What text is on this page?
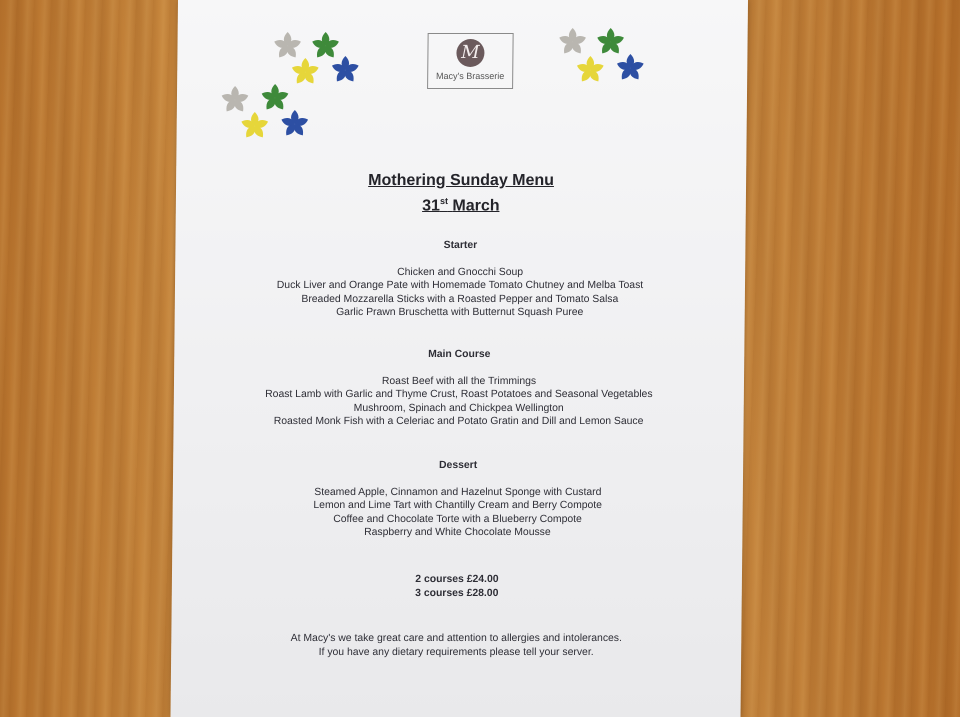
M
Macy's Brasserie
Mothering Sunday Menu
31st March
Starter
Chicken and Gnocchi Soup
Duck Liver and Orange Pate with Homemade Tomato Chutney and Melba Toast
Breaded Mozzarella Sticks with a Roasted Pepper and Tomato Salsa
Garlic Prawn Bruschetta with Butternut Squash Puree
Main Course
Roast Beef with all the Trimmings
Roast Lamb with Garlic and Thyme Crust, Roast Potatoes and Seasonal Vegetables
Mushroom, Spinach and Chickpea Wellington
Roasted Monk Fish with a Celeriac and Potato Gratin and Dill and Lemon Sauce
Dessert
Steamed Apple, Cinnamon and Hazelnut Sponge with Custard
Lemon and Lime Tart with Chantilly Cream and Berry Compote
Coffee and Chocolate Torte with a Blueberry Compote
Raspberry and White Chocolate Mousse
2 courses £24.00
3 courses £28.00
At Macy's we take great care and attention to allergies and intolerances.
If you have any dietary requirements please tell your server.
